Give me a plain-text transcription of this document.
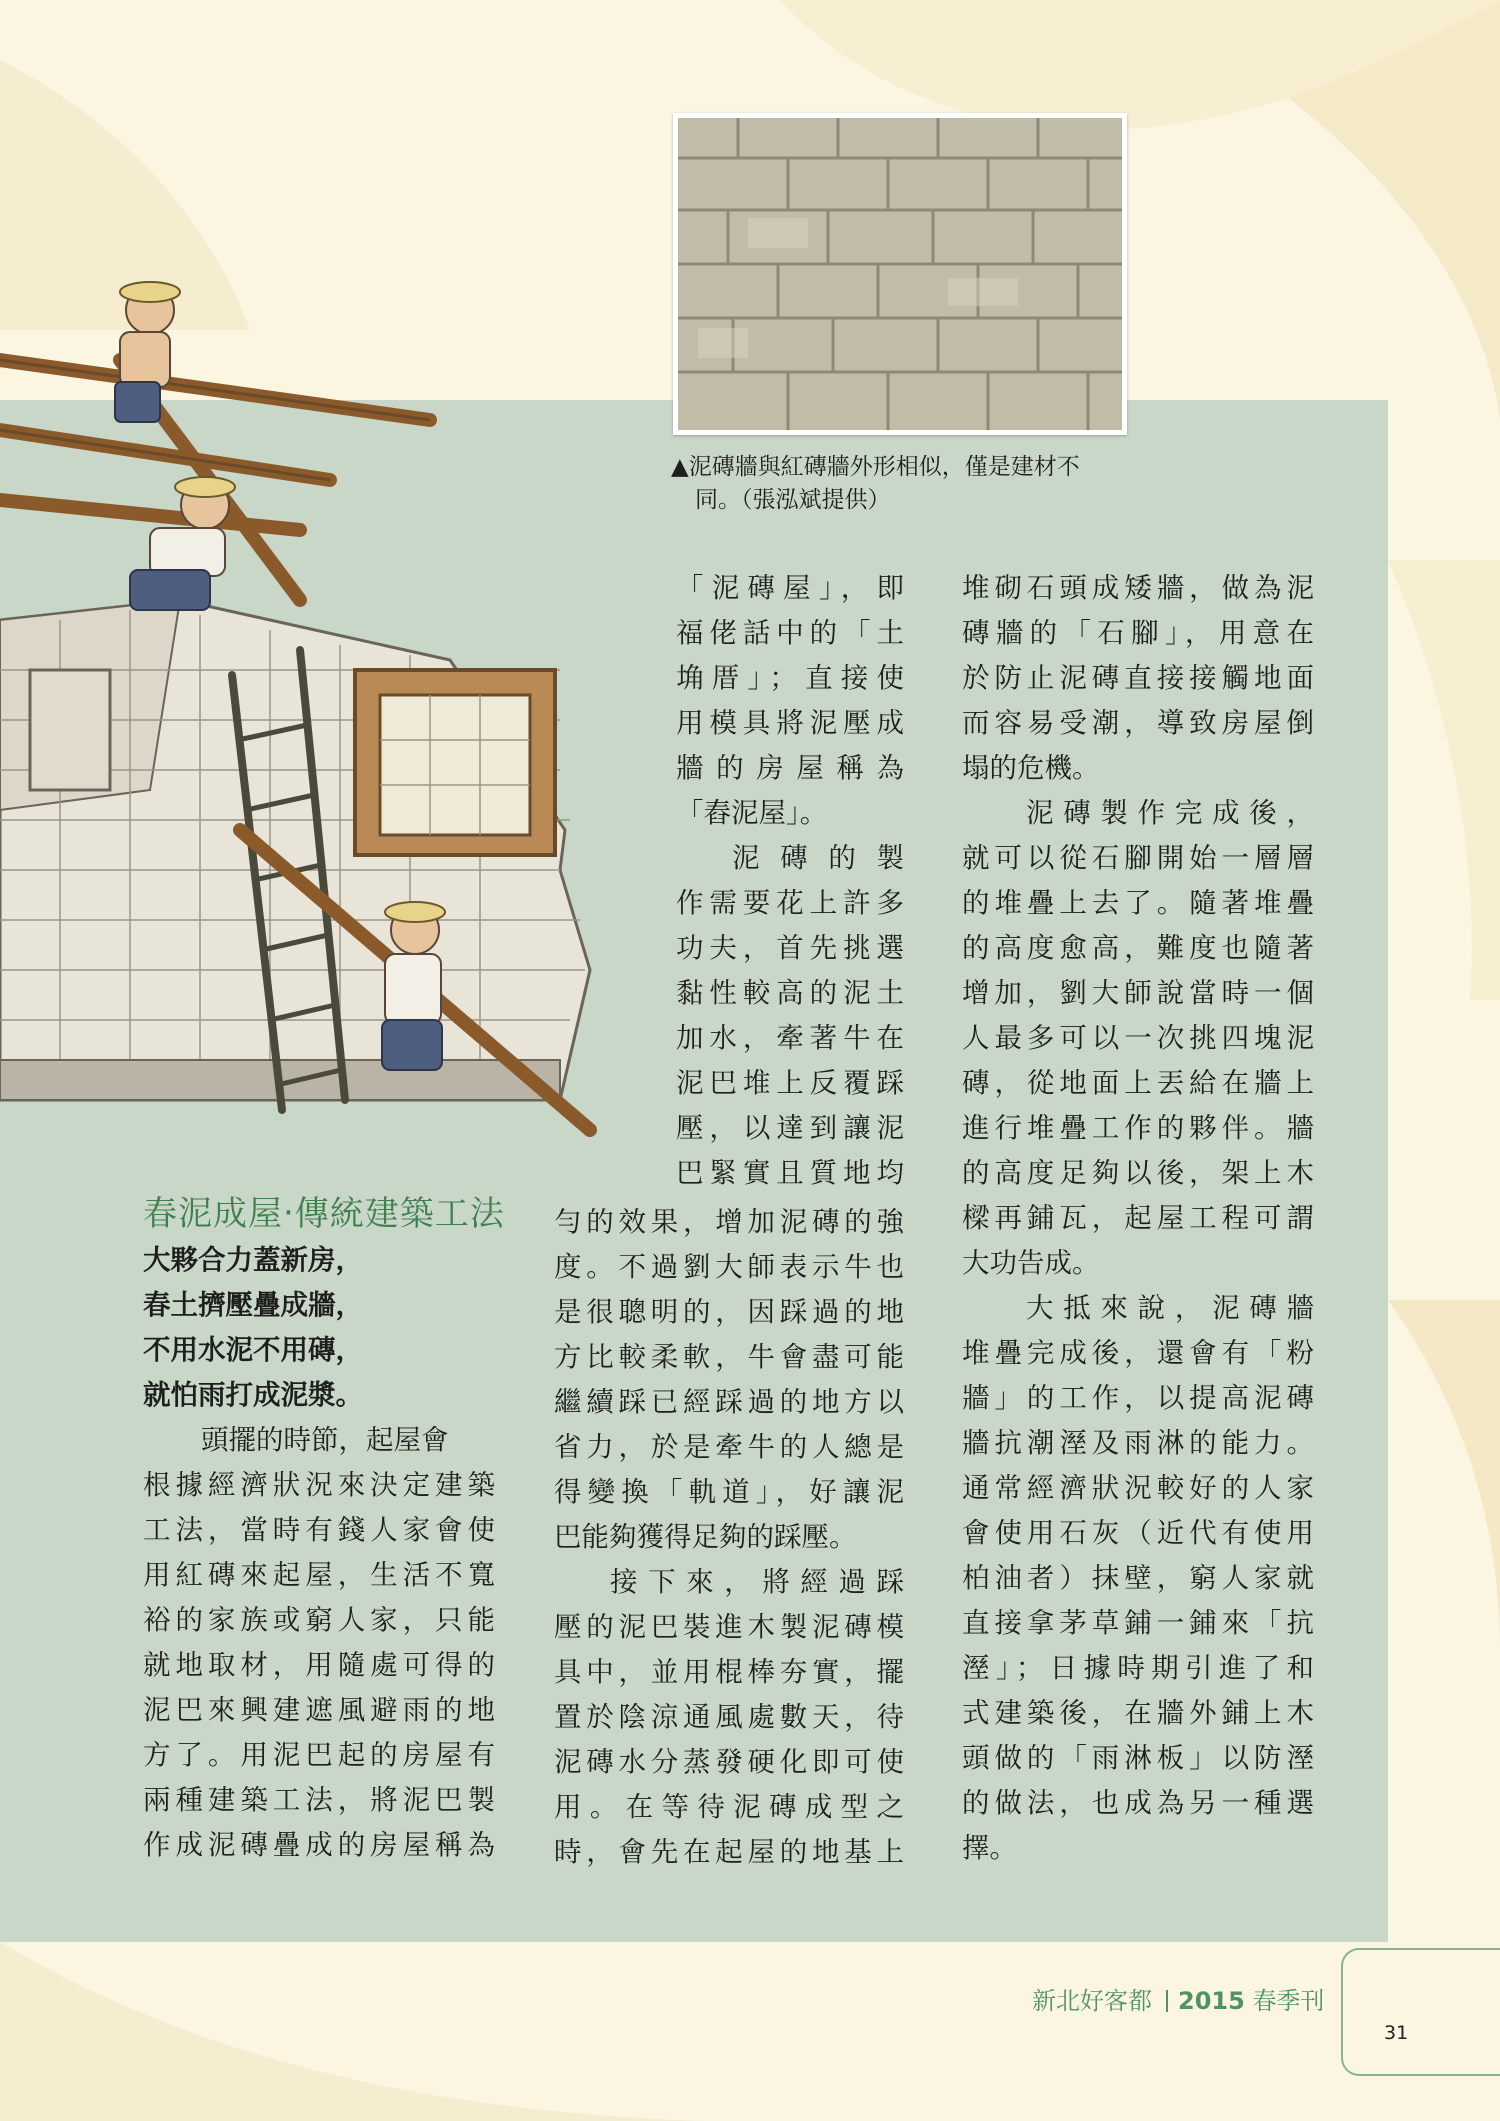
▲泥磚牆與紅磚牆外形相似，僅是建材不
同。（張泓斌提供）

春泥成屋‧傳統建築工法

大夥合力蓋新房，
春土擠壓疊成牆，
不用水泥不用磚，
就怕雨打成泥漿。

頭擺的時節，起屋會
根據經濟狀況來決定建築
工法，當時有錢人家會使
用紅磚來起屋，生活不寬
裕的家族或窮人家，只能
就地取材，用隨處可得的
泥巴來興建遮風避雨的地
方了。用泥巴起的房屋有
兩種建築工法，將泥巴製
作成泥磚疊成的房屋稱為

「泥磚屋」，即
福佬話中的「土
埆厝」；直接使
用模具將泥壓成
牆的房屋稱為
「舂泥屋」。
泥磚的製
作需要花上許多
功夫，首先挑選
黏性較高的泥土
加水，牽著牛在
泥巴堆上反覆踩
壓，以達到讓泥
巴緊實且質地均

勻的效果，增加泥磚的強
度。不過劉大師表示牛也
是很聰明的，因踩過的地
方比較柔軟，牛會盡可能
繼續踩已經踩過的地方以
省力，於是牽牛的人總是
得變換「軌道」，好讓泥
巴能夠獲得足夠的踩壓。
接下來，將經過踩
壓的泥巴裝進木製泥磚模
具中，並用棍棒夯實，擺
置於陰涼通風處數天，待
泥磚水分蒸發硬化即可使
用。在等待泥磚成型之
時，會先在起屋的地基上

堆砌石頭成矮牆，做為泥
磚牆的「石腳」，用意在
於防止泥磚直接接觸地面
而容易受潮，導致房屋倒
塌的危機。
泥磚製作完成後，
就可以從石腳開始一層層
的堆疊上去了。隨著堆疊
的高度愈高，難度也隨著
增加，劉大師說當時一個
人最多可以一次挑四塊泥
磚，從地面上丟給在牆上
進行堆疊工作的夥伴。牆
的高度足夠以後，架上木
樑再鋪瓦，起屋工程可謂
大功告成。
大抵來說，泥磚牆
堆疊完成後，還會有「粉
牆」的工作，以提高泥磚
牆抗潮溼及雨淋的能力。
通常經濟狀況較好的人家
會使用石灰（近代有使用
柏油者）抹壁，窮人家就
直接拿茅草鋪一鋪來「抗
溼」；日據時期引進了和
式建築後，在牆外鋪上木
頭做的「雨淋板」以防溼
的做法，也成為另一種選
擇。

新北好客都 2015 春季刊

31
